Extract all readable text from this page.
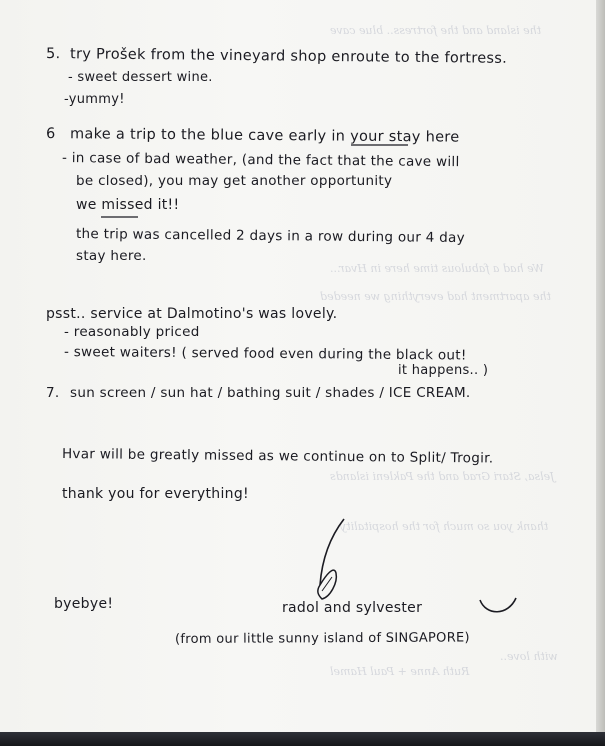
the island and the fortress.. blue cave
We had a fabulous time here in Hvar...
the apartment had everything we needed
Jelsa, Stari Grad and the Pakleni islands
thank you so much for the hospitality
with love..
Ruth Anne + Paul Hamel
5. try Prošek from the vineyard shop enroute to the fortress.
- sweet dessert wine.
-yummy!
6 make a trip to the blue cave early in your stay here
- in case of bad weather, (and the fact that the cave will
be closed), you may get another opportunity
we missed it!!
the trip was cancelled 2 days in a row during our 4 day
stay here.
psst.. service at Dalmotino's was lovely.
- reasonably priced
- sweet waiters! ( served food even during the black out!
it happens.. )
7. sun screen / sun hat / bathing suit / shades / ICE CREAM.
Hvar will be greatly missed as we continue on to Split/ Trogir.
thank you for everything!
byebye!	radol and sylvester
(from our little sunny island of SINGAPORE)
